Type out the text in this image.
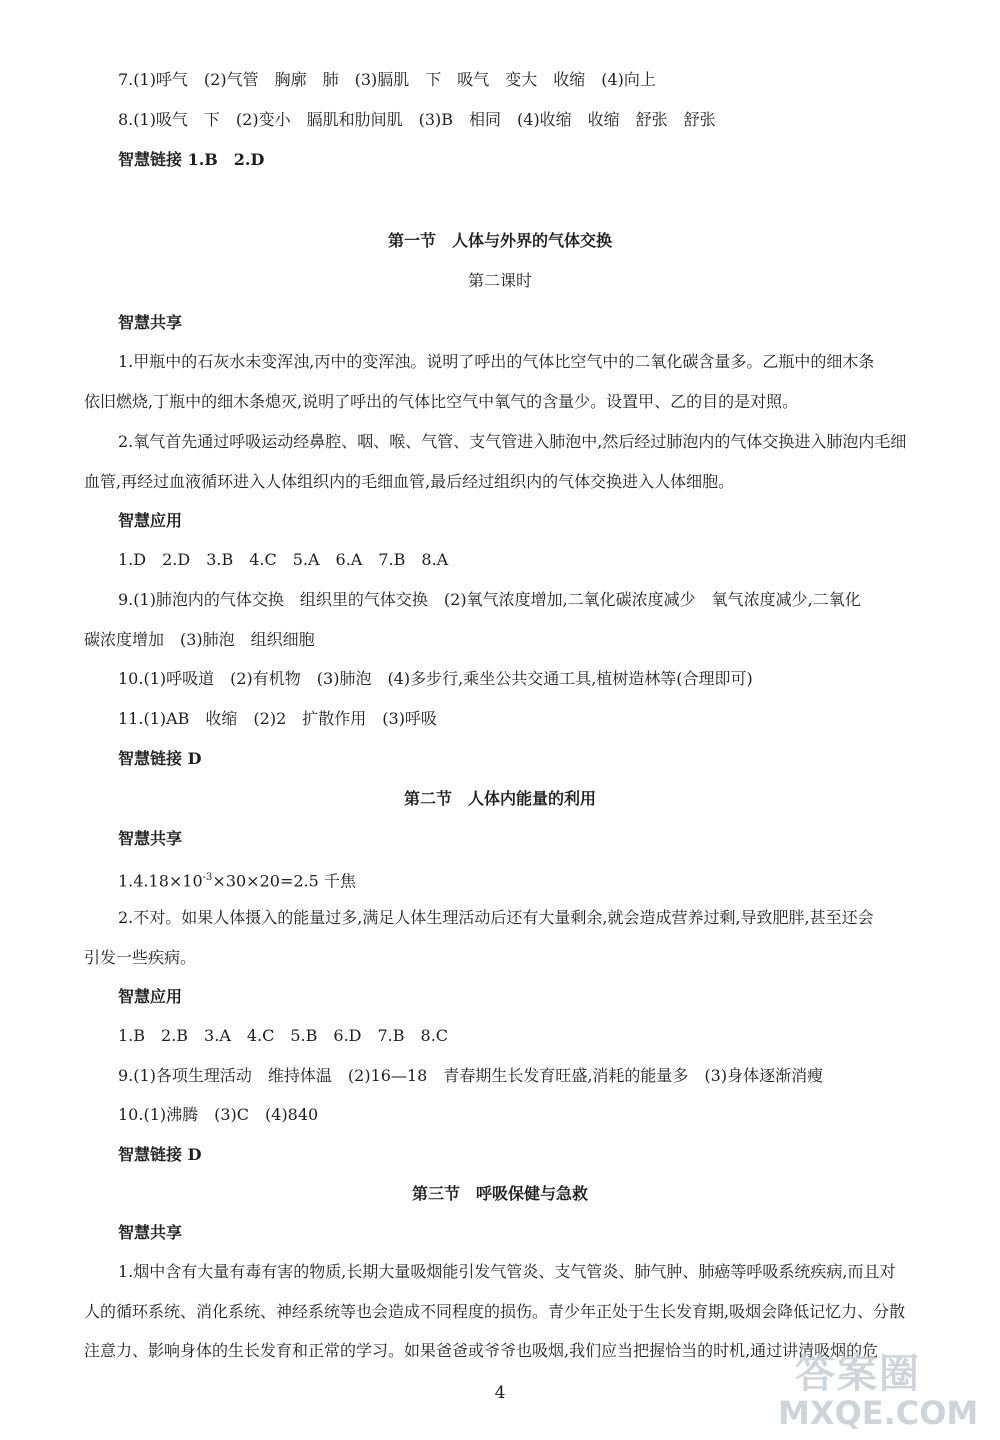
7.(1)呼气　(2)气管　胸廓　肺　(3)膈肌　下　吸气　变大　收缩　(4)向上
8.(1)吸气　下　(2)变小　膈肌和肋间肌　(3)B　相同　(4)收缩　收缩　舒张　舒张
智慧链接 1.B　2.D
第一节　人体与外界的气体交换
第二课时
智慧共享
1.甲瓶中的石灰水未变浑浊,丙中的变浑浊。说明了呼出的气体比空气中的二氧化碳含量多。乙瓶中的细木条
依旧燃烧,丁瓶中的细木条熄灭,说明了呼出的气体比空气中氧气的含量少。设置甲、乙的目的是对照。
2.氧气首先通过呼吸运动经鼻腔、咽、喉、气管、支气管进入肺泡中,然后经过肺泡内的气体交换进入肺泡内毛细
血管,再经过血液循环进入人体组织内的毛细血管,最后经过组织内的气体交换进入人体细胞。
智慧应用
1.D　2.D　3.B　4.C　5.A　6.A　7.B　8.A
9.(1)肺泡内的气体交换　组织里的气体交换　(2)氧气浓度增加,二氧化碳浓度减少　氧气浓度减少,二氧化
碳浓度增加　(3)肺泡　组织细胞
10.(1)呼吸道　(2)有机物　(3)肺泡　(4)多步行,乘坐公共交通工具,植树造林等(合理即可)
11.(1)AB　收缩　(2)2　扩散作用　(3)呼吸
智慧链接 D
第二节　人体内能量的利用
智慧共享
$1.4.18\times 10^{-3}\times 30\times 20=2.5$ 千焦
2.不对。如果人体摄入的能量过多,满足人体生理活动后还有大量剩余,就会造成营养过剩,导致肥胖,甚至还会
引发一些疾病。
智慧应用
1.B　2.B　3.A　4.C　5.B　6.D　7.B　8.C
9.(1)各项生理活动　维持体温　(2)16—18　青春期生长发育旺盛,消耗的能量多　(3)身体逐渐消瘦
10.(1)沸腾　(3)C　(4)840
智慧链接 D
第三节　呼吸保健与急救
智慧共享
1.烟中含有大量有毒有害的物质,长期大量吸烟能引发气管炎、支气管炎、肺气肿、肺癌等呼吸系统疾病,而且对
人的循环系统、消化系统、神经系统等也会造成不同程度的损伤。青少年正处于生长发育期,吸烟会降低记忆力、分散
注意力、影响身体的生长发育和正常的学习。如果爸爸或爷爷也吸烟,我们应当把握恰当的时机,通过讲清吸烟的危
4	答案圈
MXQE.COM
